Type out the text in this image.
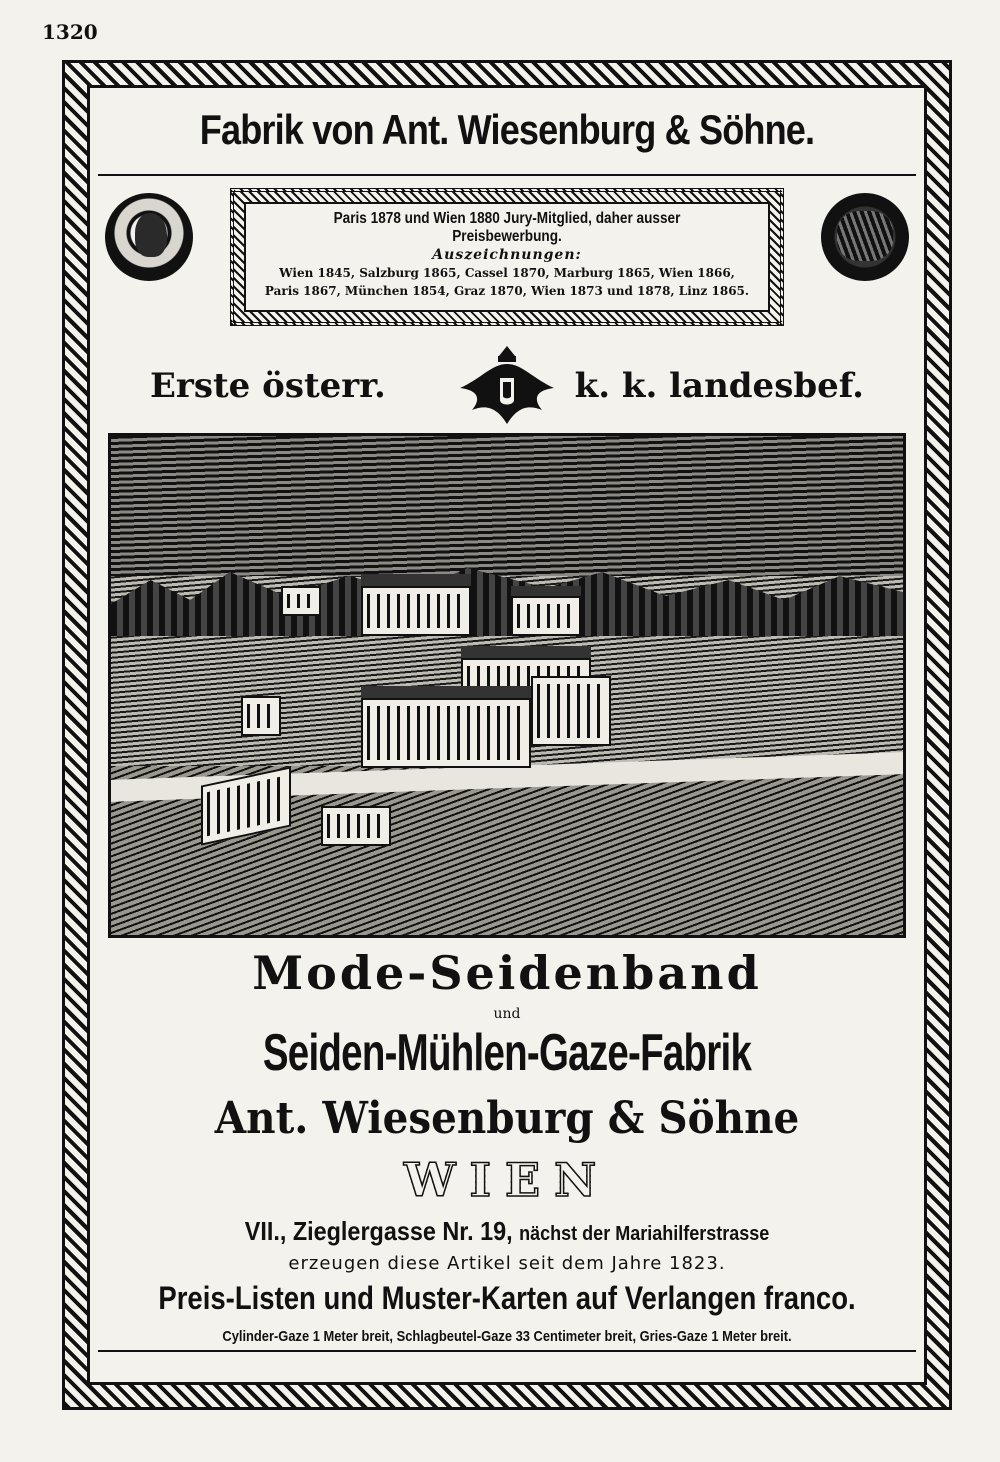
1320
Fabrik von Ant. Wiesenburg & Söhne.
Paris 1878 und Wien 1880 Jury-Mitglied, daher ausser Preisbewerbung.
Auszeichnungen:
Wien 1845, Salzburg 1865, Cassel 1870, Marburg 1865, Wien 1866,
Paris 1867, München 1854, Graz 1870, Wien 1873 und 1878, Linz 1865.
Erste österr.	k. k. landesbef.
Mode-Seidenband
und
Seiden-Mühlen-Gaze-Fabrik
Ant. Wiesenburg & Söhne
WIEN
VII., Zieglergasse Nr. 19, nächst der Mariahilferstrasse
erzeugen diese Artikel seit dem Jahre 1823.
Preis-Listen und Muster-Karten auf Verlangen franco.
Cylinder-Gaze 1 Meter breit, Schlagbeutel-Gaze 33 Centimeter breit, Gries-Gaze 1 Meter breit.
